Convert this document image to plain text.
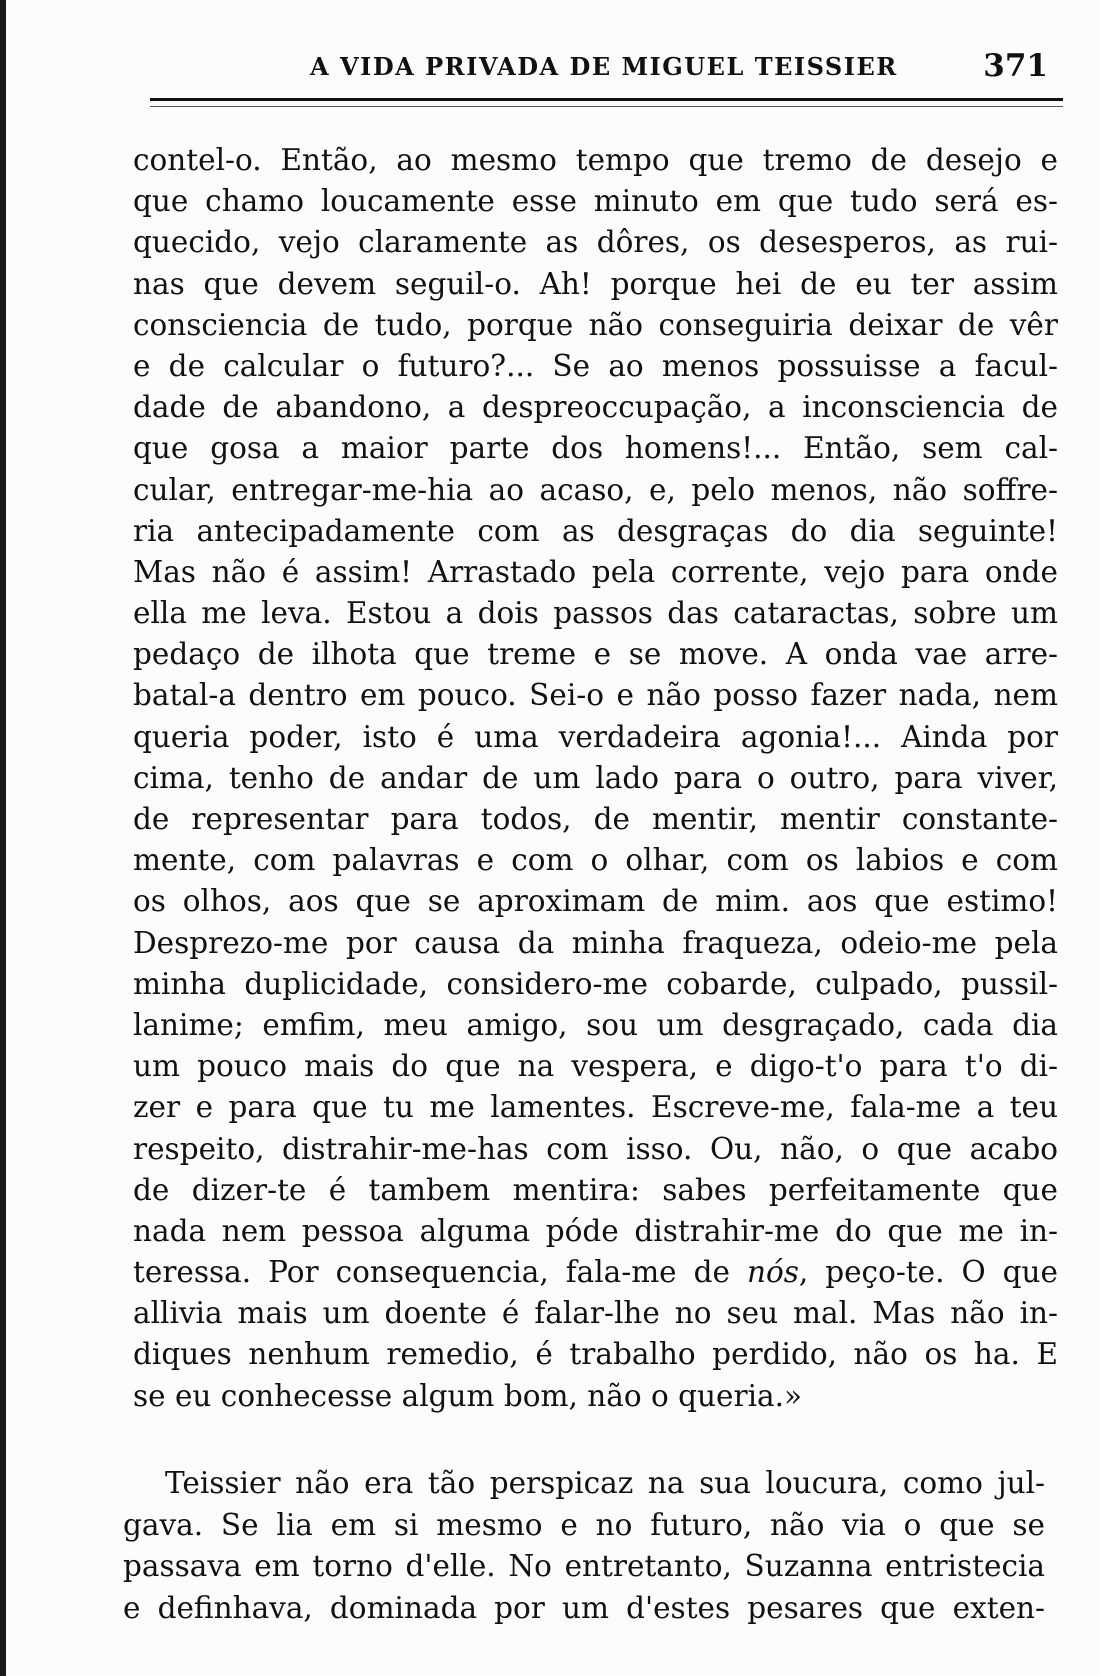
A VIDA PRIVADA DE MIGUEL TEISSIER	371
contel-o. Então, ao mesmo tempo que tremo de desejo e
que chamo loucamente esse minuto em que tudo será es-
quecido, vejo claramente as dôres, os desesperos, as rui-
nas que devem seguil-o. Ah! porque hei de eu ter assim
consciencia de tudo, porque não conseguiria deixar de vêr
e de calcular o futuro?... Se ao menos possuisse a facul-
dade de abandono, a despreoccupação, a inconsciencia de
que gosa a maior parte dos homens!... Então, sem cal-
cular, entregar-me-hia ao acaso, e, pelo menos, não soffre-
ria antecipadamente com as desgraças do dia seguinte!
Mas não é assim! Arrastado pela corrente, vejo para onde
ella me leva. Estou a dois passos das cataractas, sobre um
pedaço de ilhota que treme e se move. A onda vae arre-
batal-a dentro em pouco. Sei-o e não posso fazer nada, nem
queria poder, isto é uma verdadeira agonia!... Ainda por
cima, tenho de andar de um lado para o outro, para viver,
de representar para todos, de mentir, mentir constante-
mente, com palavras e com o olhar, com os labios e com
os olhos, aos que se aproximam de mim. aos que estimo!
Desprezo-me por causa da minha fraqueza, odeio-me pela
minha duplicidade, considero-me cobarde, culpado, pussil-
lanime; emfim, meu amigo, sou um desgraçado, cada dia
um pouco mais do que na vespera, e digo-t'o para t'o di-
zer e para que tu me lamentes. Escreve-me, fala-me a teu
respeito, distrahir-me-has com isso. Ou, não, o que acabo
de dizer-te é tambem mentira: sabes perfeitamente que
nada nem pessoa alguma póde distrahir-me do que me in-
teressa. Por consequencia, fala-me de nós, peço-te. O que
allivia mais um doente é falar-lhe no seu mal. Mas não in-
diques nenhum remedio, é trabalho perdido, não os ha. E
se eu conhecesse algum bom, não o queria.»
Teissier não era tão perspicaz na sua loucura, como jul-
gava. Se lia em si mesmo e no futuro, não via o que se
passava em torno d'elle. No entretanto, Suzanna entristecia
e definhava, dominada por um d'estes pesares que exten-
